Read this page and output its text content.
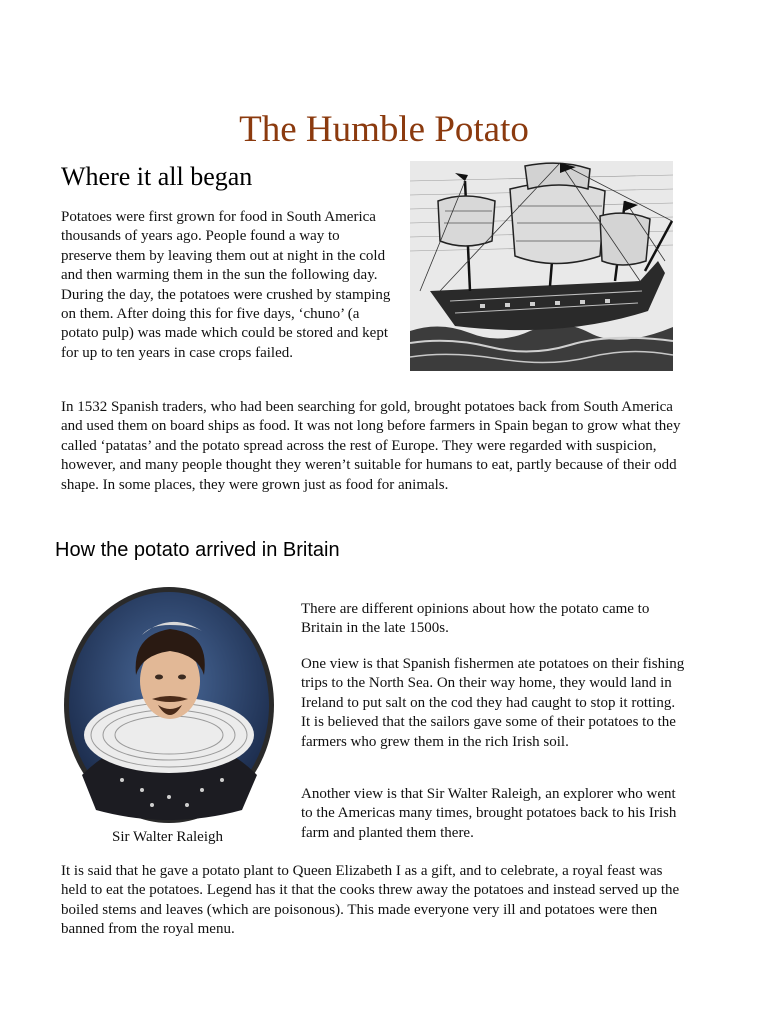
The Humble Potato
Where it all began

Potatoes were first grown for food in South America thousands of years ago. People found a way to preserve them by leaving them out at night in the cold and then warming them in the sun the following day. During the day, the potatoes were crushed by stamping on them. After doing this for five days, ‘chuno’ (a potato pulp) was made which could be stored and kept for up to ten years in case crops failed.

In 1532 Spanish traders, who had been searching for gold, brought potatoes back from South America and used them on board ships as food. It was not long before farmers in Spain began to grow what they called ‘patatas’ and the potato spread across the rest of Europe. They were regarded with suspicion, however, and many people thought they weren’t suitable for humans to eat, partly because of their odd shape. In some places, they were grown just as food for animals.

How the potato arrived in Britain

There are different opinions about how the potato came to Britain in the late 1500s.

One view is that Spanish fishermen ate potatoes on their fishing trips to the North Sea. On their way home, they would land in Ireland to put salt on the cod they had caught to stop it rotting. It is believed that the sailors gave some of their potatoes to the farmers who grew them in the rich Irish soil.

Another view is that Sir Walter Raleigh, an explorer who went to the Americas many times, brought potatoes back to his Irish farm and planted them there.

Sir Walter Raleigh

It is said that he gave a potato plant to Queen Elizabeth I as a gift, and to celebrate, a royal feast was held to eat the potatoes. Legend has it that the cooks threw away the potatoes and instead served up the boiled stems and leaves (which are poisonous). This made everyone very ill and potatoes were then banned from the royal menu.
